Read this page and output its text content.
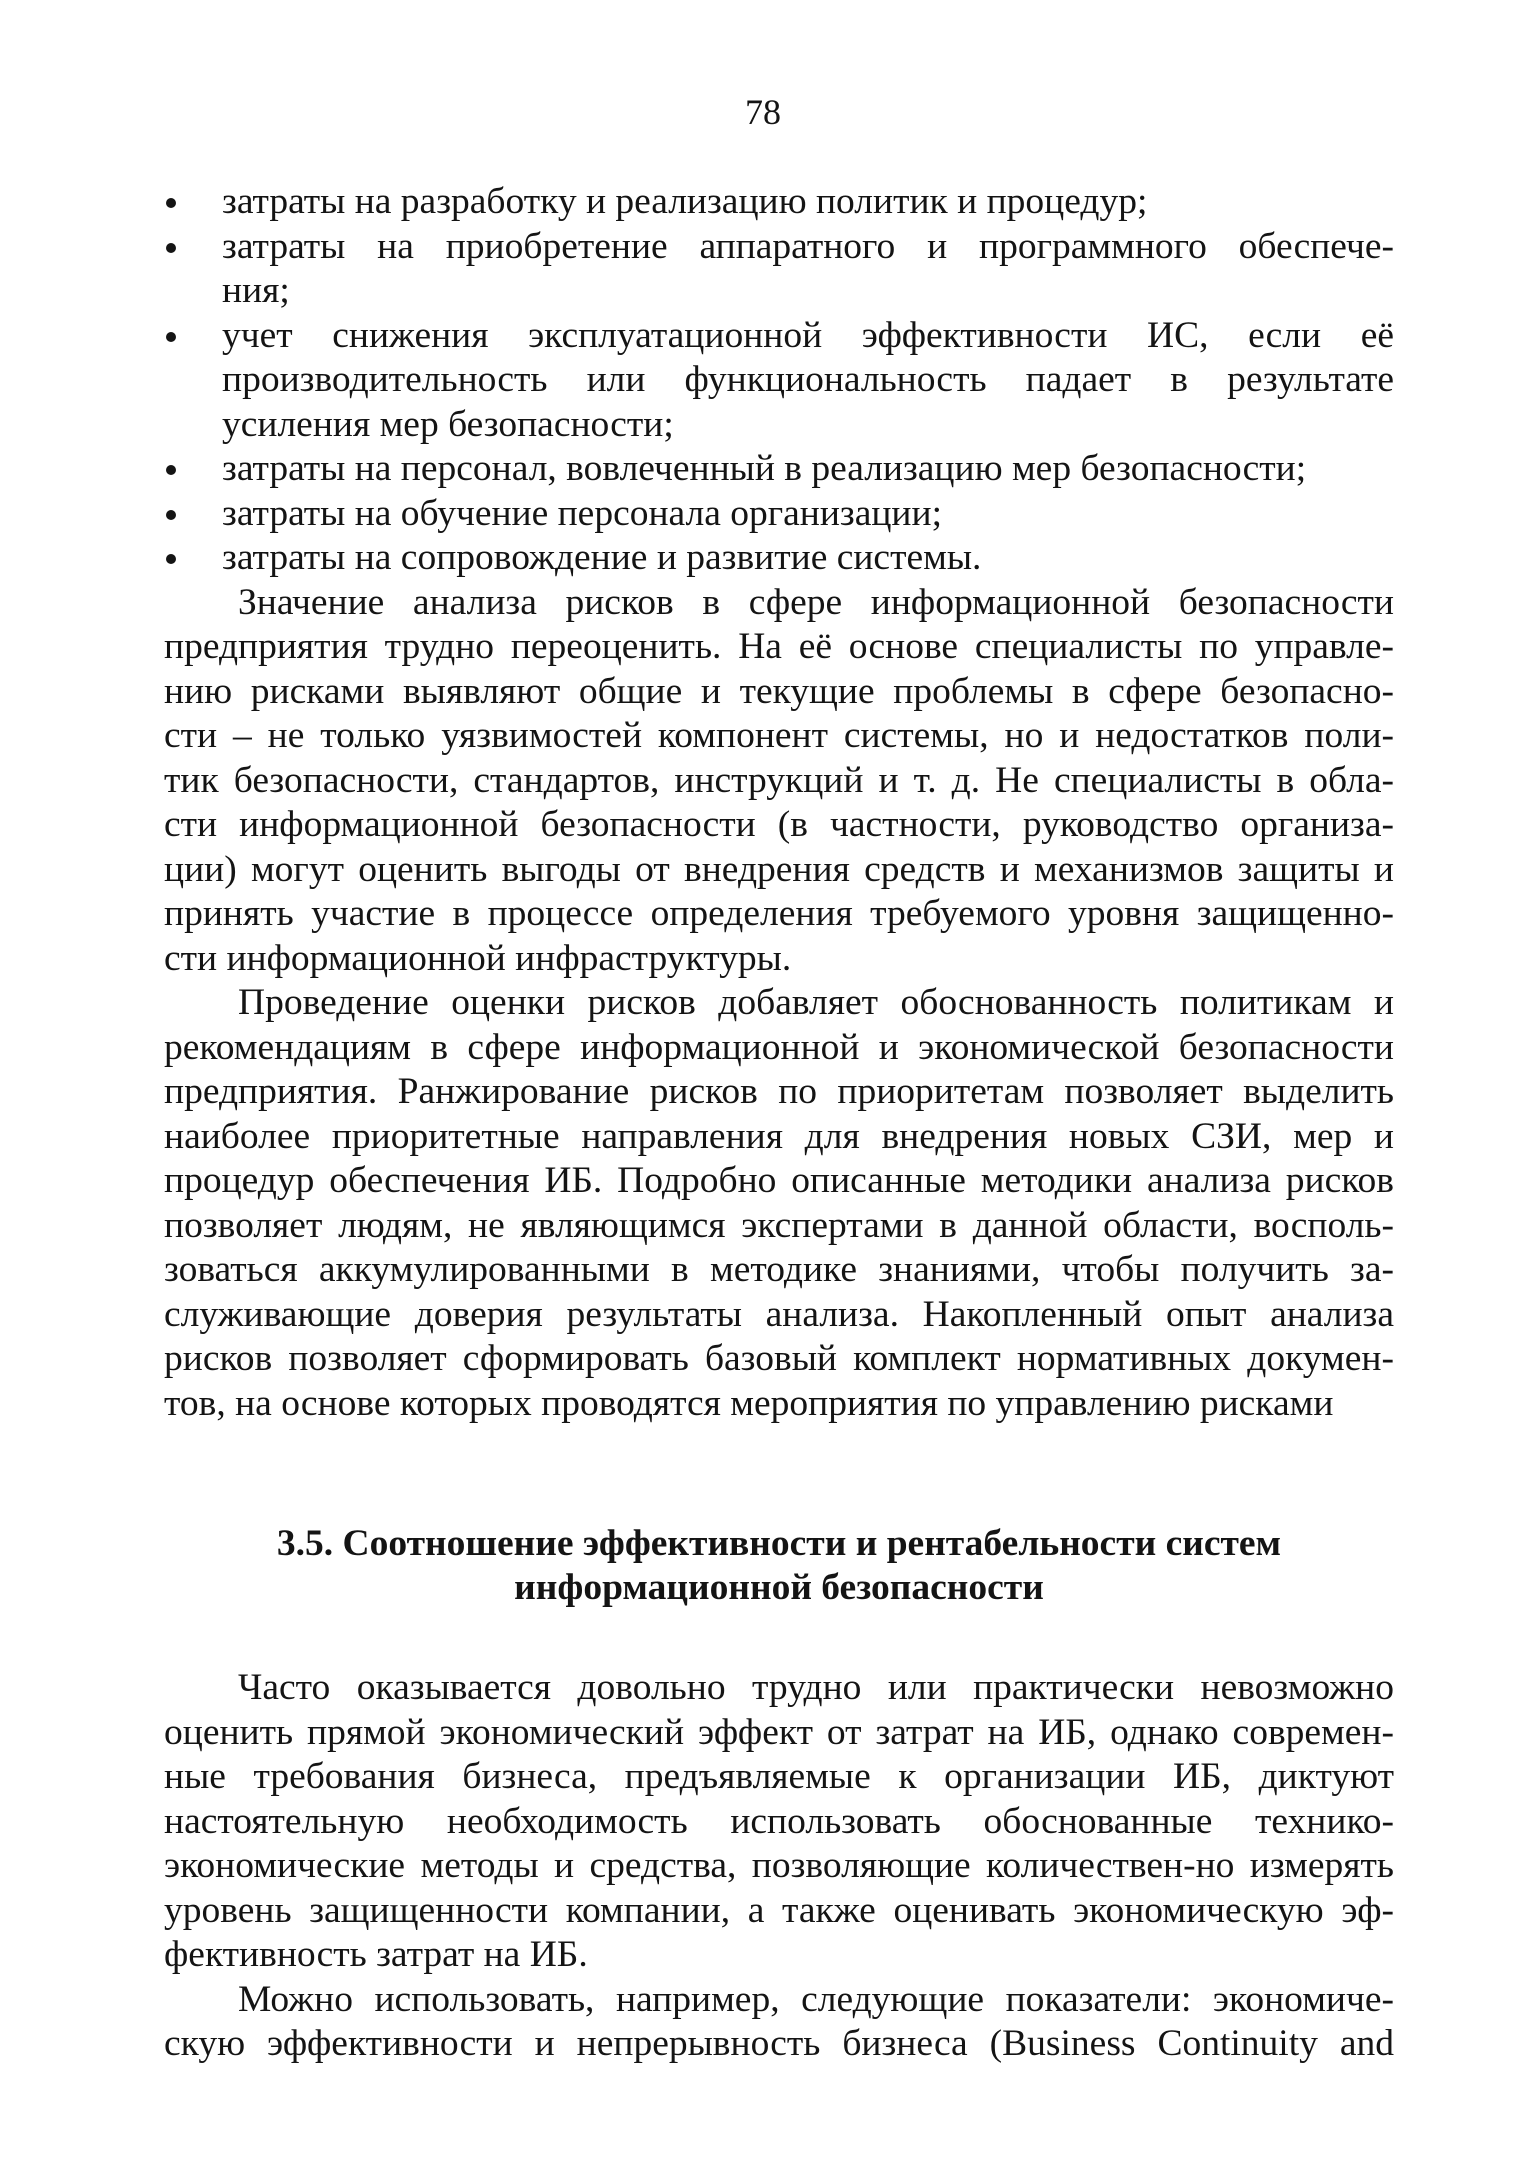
78
затраты на разработку и реализацию политик и процедур;
затраты на приобретение аппаратного и программного обеспече-
ния;
учет снижения эксплуатационной эффективности ИС, если её
производительность или функциональность падает в результате
усиления мер безопасности;
затраты на персонал, вовлеченный в реализацию мер безопасности;
затраты на обучение персонала организации;
затраты на сопровождение и развитие системы.
Значение анализа рисков в сфере информационной безопасности
предприятия трудно переоценить. На её основе специалисты по управле-
нию рисками выявляют общие и текущие проблемы в сфере безопасно-
сти – не только уязвимостей компонент системы, но и недостатков поли-
тик безопасности, стандартов, инструкций и т. д. Не специалисты в обла-
сти информационной безопасности (в частности, руководство организа-
ции) могут оценить выгоды от внедрения средств и механизмов защиты и
принять участие в процессе определения требуемого уровня защищенно-
сти информационной инфраструктуры.
Проведение оценки рисков добавляет обоснованность политикам и
рекомендациям в сфере информационной и экономической безопасности
предприятия. Ранжирование рисков по приоритетам позволяет выделить
наиболее приоритетные направления для внедрения новых СЗИ, мер и
процедур обеспечения ИБ. Подробно описанные методики анализа рисков
позволяет людям, не являющимся экспертами в данной области, восполь-
зоваться аккумулированными в методике знаниями, чтобы получить за-
служивающие доверия результаты анализа. Накопленный опыт анализа
рисков позволяет сформировать базовый комплект нормативных докумен-
тов, на основе которых проводятся мероприятия по управлению рисками
3.5. Соотношение эффективности и рентабельности систем
информационной безопасности
Часто оказывается довольно трудно или практически невозможно
оценить прямой экономический эффект от затрат на ИБ, однако современ-
ные требования бизнеса, предъявляемые к организации ИБ, диктуют
настоятельную необходимость использовать обоснованные технико-
экономические методы и средства, позволяющие количествен-но измерять
уровень защищенности компании, а также оценивать экономическую эф-
фективность затрат на ИБ.
Можно использовать, например, следующие показатели: экономиче-
скую эффективности и непрерывность бизнеса (Business Continuity and
